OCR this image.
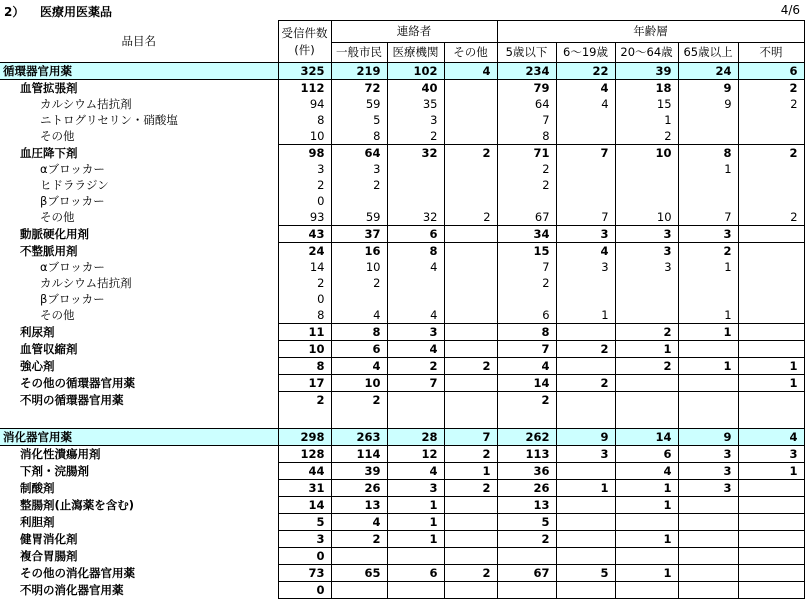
2） 医療用医薬品	4/6
品目名	受信件数
(件)	連絡者			年齢層				
		一般市民	医療機関	その他	5歳以下	6～19歳	20～64歳	65歳以上	不明
循環器官用薬	325	219	102	4	234	22	39	24	6
血管拡張剤	112	72	40		79	4	18	9	2
カルシウム拮抗剤	94	59	35		64	4	15	9	2
ニトログリセリン・硝酸塩	8	5	3		7		1		
その他	10	8	2		8		2		
血圧降下剤	98	64	32	2	71	7	10	8	2
αブロッカー	3	3			2			1	
ヒドララジン	2	2			2				
βブロッカー	0								
その他	93	59	32	2	67	7	10	7	2
動脈硬化用剤	43	37	6		34	3	3	3	
不整脈用剤	24	16	8		15	4	3	2	
αブロッカー	14	10	4		7	3	3	1	
カルシウム拮抗剤	2	2			2				
βブロッカー	0								
その他	8	4	4		6	1		1	
利尿剤	11	8	3		8		2	1	
血管収縮剤	10	6	4		7	2	1		
強心剤	8	4	2	2	4		2	1	1
その他の循環器官用薬	17	10	7		14	2			1
不明の循環器官用薬	2	2			2				

消化器官用薬	298	263	28	7	262	9	14	9	4
消化性潰瘍用剤	128	114	12	2	113	3	6	3	3
下剤・浣腸剤	44	39	4	1	36		4	3	1
制酸剤	31	26	3	2	26	1	1	3	
整腸剤(止瀉薬を含む)	14	13	1		13		1		
利胆剤	5	4	1		5				
健胃消化剤	3	2	1		2		1		
複合胃腸剤	0								
その他の消化器官用薬	73	65	6	2	67	5	1		
不明の消化器官用薬	0								
